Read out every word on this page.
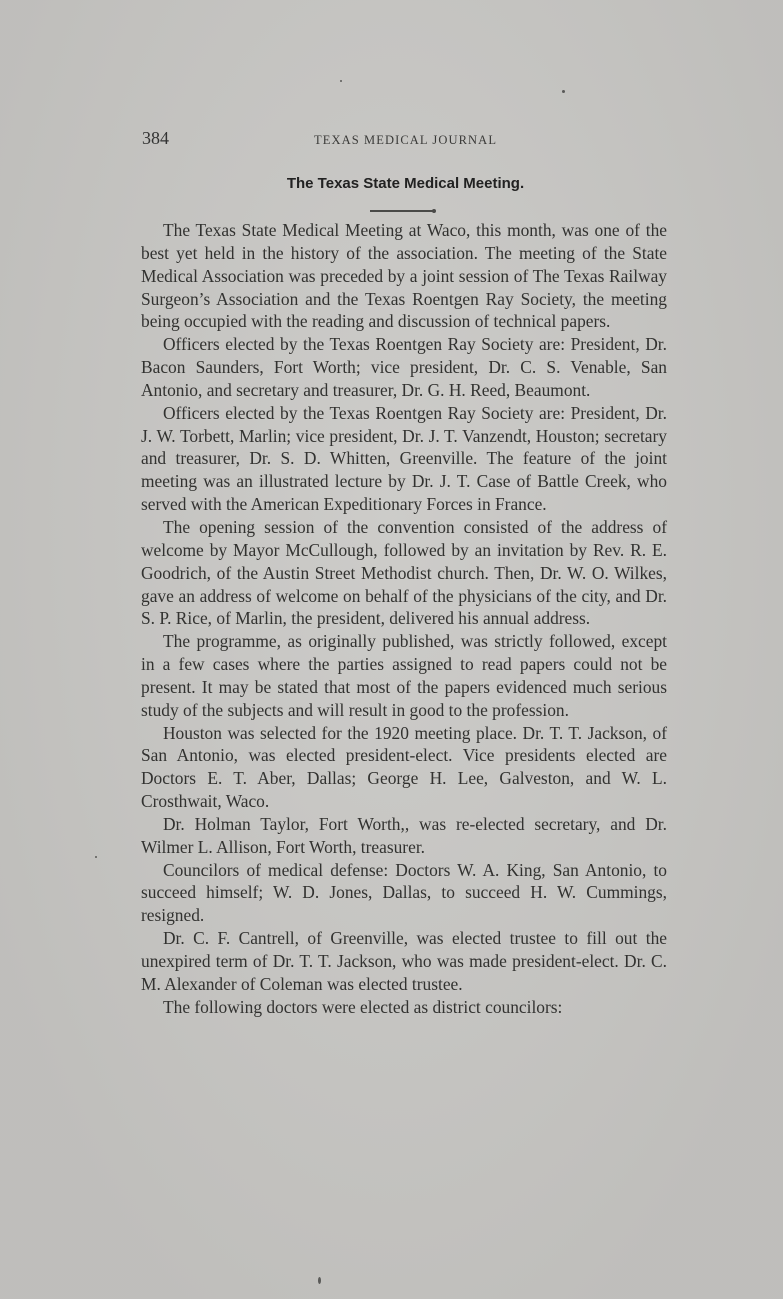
384	TEXAS MEDICAL JOURNAL
The Texas State Medical Meeting.

The Texas State Medical Meeting at Waco, this month, was one of the best yet held in the history of the association. The meeting of the State Medical Association was preceded by a joint session of The Texas Railway Surgeon’s Association and the Texas Roentgen Ray Society, the meeting being occupied with the reading and discussion of technical papers.

Officers elected by the Texas Roentgen Ray Society are: President, Dr. Bacon Saunders, Fort Worth; vice president, Dr. C. S. Venable, San Antonio, and secretary and treasurer, Dr. G. H. Reed, Beaumont.

Officers elected by the Texas Roentgen Ray Society are: President, Dr. J. W. Torbett, Marlin; vice president, Dr. J. T. Vanzendt, Houston; secretary and treasurer, Dr. S. D. Whitten, Greenville. The feature of the joint meeting was an illustrated lecture by Dr. J. T. Case of Battle Creek, who served with the American Expeditionary Forces in France.

The opening session of the convention consisted of the address of welcome by Mayor McCullough, followed by an invitation by Rev. R. E. Goodrich, of the Austin Street Methodist church. Then, Dr. W. O. Wilkes, gave an address of welcome on behalf of the physicians of the city, and Dr. S. P. Rice, of Marlin, the president, delivered his annual address.

The programme, as originally published, was strictly followed, except in a few cases where the parties assigned to read papers could not be present. It may be stated that most of the papers evidenced much serious study of the subjects and will result in good to the profession.

Houston was selected for the 1920 meeting place. Dr. T. T. Jackson, of San Antonio, was elected president-elect. Vice presidents elected are Doctors E. T. Aber, Dallas; George H. Lee, Galveston, and W. L. Crosthwait, Waco.

Dr. Holman Taylor, Fort Worth,, was re-elected secretary, and Dr. Wilmer L. Allison, Fort Worth, treasurer.

Councilors of medical defense: Doctors W. A. King, San Antonio, to succeed himself; W. D. Jones, Dallas, to succeed H. W. Cummings, resigned.

Dr. C. F. Cantrell, of Greenville, was elected trustee to fill out the unexpired term of Dr. T. T. Jackson, who was made president-elect. Dr. C. M. Alexander of Coleman was elected trustee.

The following doctors were elected as district councilors:
